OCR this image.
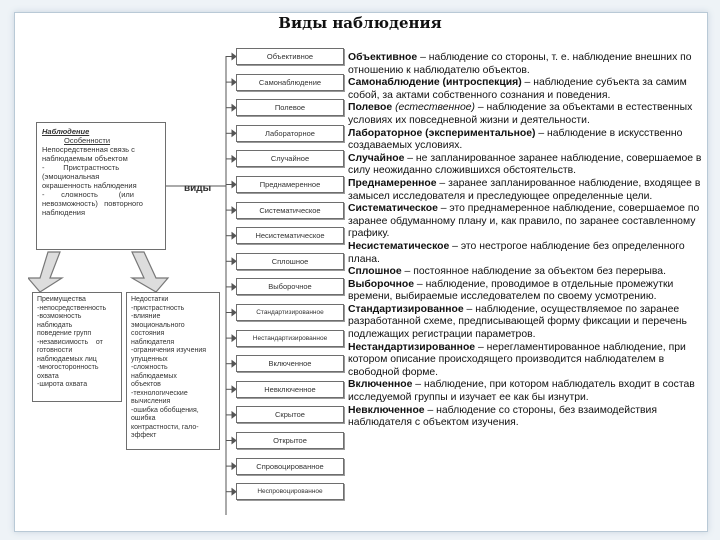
Виды наблюдения
Наблюдение
Особенности
Непосредственная связь с
наблюдаемым объектом
-         Пристрастность
(эмоциональная
окрашенность наблюдения
-        сложность          (или
невозможность)   повторного
наблюдения
виды
Преимущества
-непосредственность
-возможность
наблюдать
поведение групп
-независимость    от
готовности
наблюдаемых лиц
-многосторонность
охвата
-широта охвата
Недостатки
-пристрастность
-влияние
эмоционального
состояния
наблюдателя
-ограничения изучения
упущенных
-сложность
наблюдаемых
объектов
-технологические
вычисления
-ошибка обобщения,
ошибка
контрастности, гало-
эффект
Объективное
Самонаблюдение
Полевое
Лабораторное
Случайное
Преднамеренное
Систематическое
Несистематическое
Сплошное
Выборочное
Стандартизированное
Нестандартизированное
Включенное
Невключенное
Скрытое
Открытое
Спровоцированное
Неспровоцированное

Объективное – наблюдение со стороны, т. е. наблюдение внешних по отношению к наблюдателю объектов.

Самонаблюдение (интроспекция) – наблюдение субъекта за самим собой, за актами собственного сознания и поведения.

Полевое (естественное) – наблюдение за объектами в естественных условиях их повседневной жизни и деятельности.

Лабораторное (экспериментальное) – наблюдение в искусственно создаваемых условиях.

Случайное – не запланированное заранее наблюдение, совершаемое в силу неожиданно сложившихся обстоятельств.

Преднамеренное – заранее запланированное наблюдение, входящее в замысел исследователя и преследующее определенные цели.

Систематическое – это преднамеренное наблюдение, совершаемое по заранее обдуманному плану и, как правило, по заранее составленному графику.

Несистематическое – это нестрогое наблюдение без определенного плана.

Сплошное – постоянное наблюдение за объектом без перерыва.

Выборочное – наблюдение, проводимое в отдельные промежутки времени, выбираемые исследователем по своему усмотрению.

Стандартизированное – наблюдение, осуществляемое по заранее разработанной схеме, предписывающей форму фиксации и перечень подлежащих регистрации параметров.

Нестандартизированное – нерегламентированное наблюдение, при котором описание происходящего производится наблюдателем в свободной форме.

Включенное – наблюдение, при котором наблюдатель входит в состав исследуемой группы и изучает ее как бы изнутри.

Невключенное – наблюдение со стороны, без взаимодействия наблюдателя с объектом изучения.
